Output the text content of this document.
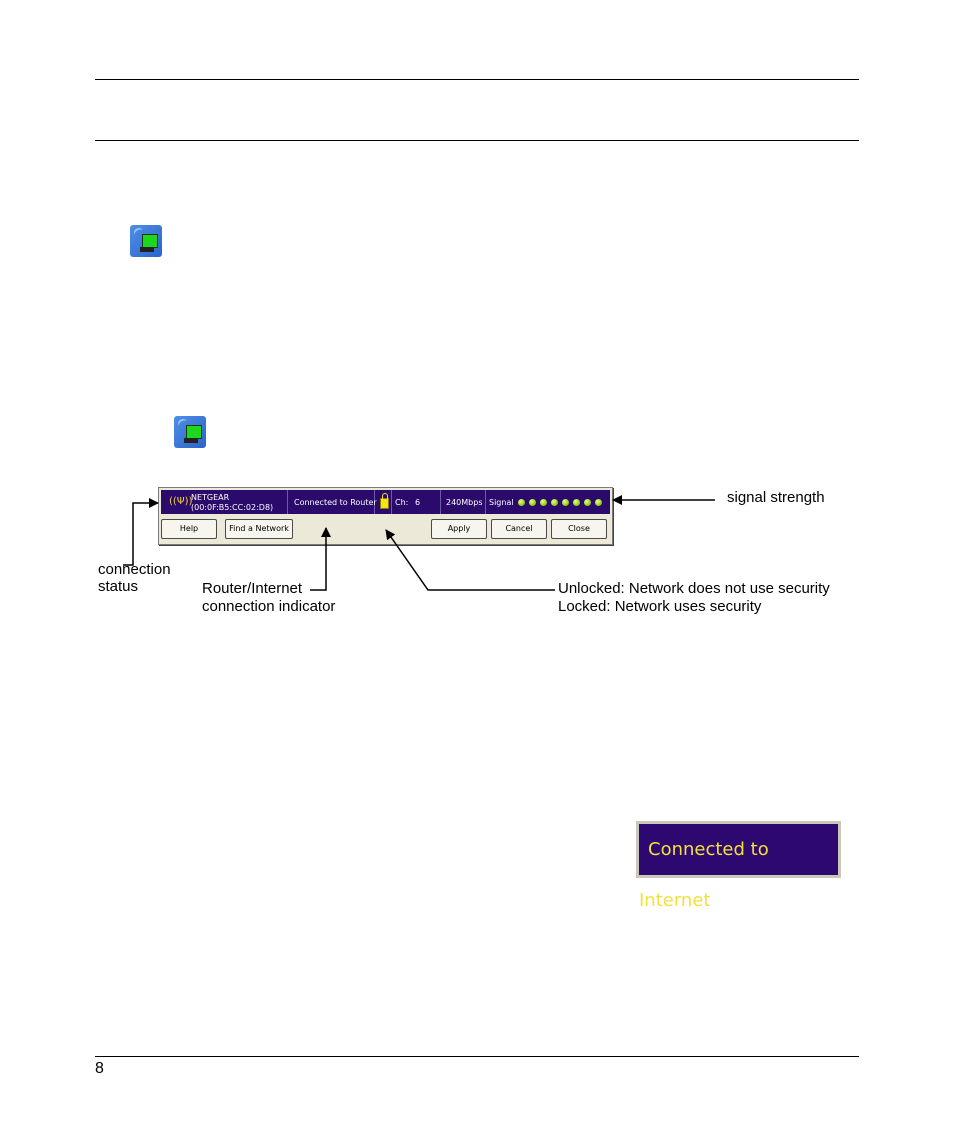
((Ψ))
NETGEAR
(00:0F:B5:CC:02:D8)
Connected to Router Ch: 6	240Mbps Signal
Help	Find a Network	Apply	Cancel	Close
signal strength
connection
status	Router/Internet
connection indicator
Unlocked: Network does not use security
Locked: Network uses security
Connected to Internet
8
